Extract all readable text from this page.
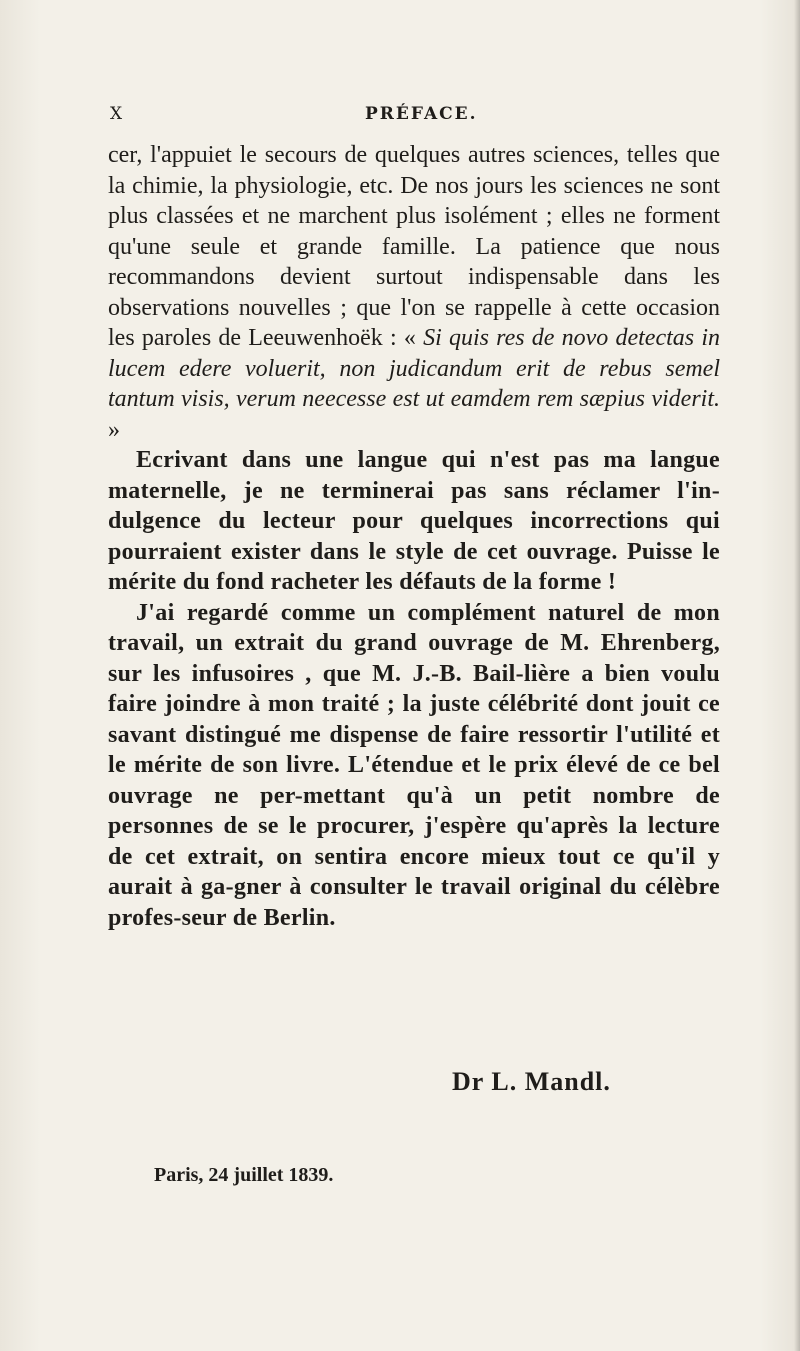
X	PRÉFACE.

cer, l'appuiet le secours de quelques autres sciences, telles que la chimie, la physiologie, etc. De nos jours les sciences ne sont plus classées et ne marchent plus isolément ; elles ne forment qu'une seule et grande famille. La patience que nous recommandons devient surtout indispensable dans les observations nouvelles ; que l'on se rappelle à cette occasion les paroles de Leeuwenhoëk : « Si quis res de novo detectas in lucem edere voluerit, non judicandum erit de rebus semel tantum visis, verum neecesse est ut eamdem rem sæpius viderit. »

Ecrivant dans une langue qui n'est pas ma langue maternelle, je ne terminerai pas sans réclamer l'in-dulgence du lecteur pour quelques incorrections qui pourraient exister dans le style de cet ouvrage. Puisse le mérite du fond racheter les défauts de la forme !

J'ai regardé comme un complément naturel de mon travail, un extrait du grand ouvrage de M. Ehrenberg, sur les infusoires , que M. J.-B. Bail-lière a bien voulu faire joindre à mon traité ; la juste célébrité dont jouit ce savant distingué me dispense de faire ressortir l'utilité et le mérite de son livre. L'étendue et le prix élevé de ce bel ouvrage ne per-mettant qu'à un petit nombre de personnes de se le procurer, j'espère qu'après la lecture de cet extrait, on sentira encore mieux tout ce qu'il y aurait à ga-gner à consulter le travail original du célèbre profes-seur de Berlin.

Dr L. Mandl.
Paris, 24 juillet 1839.
